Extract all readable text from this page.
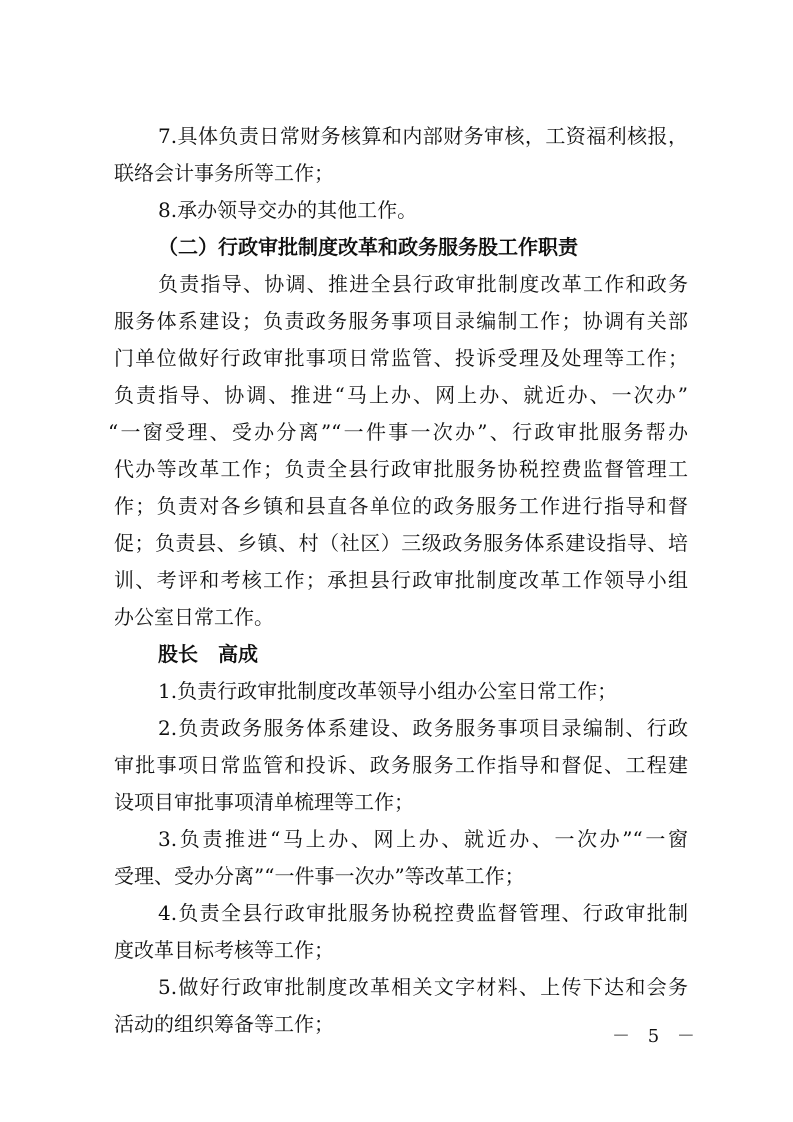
7.具体负责日常财务核算和内部财务审核，工资福利核报，
联络会计事务所等工作；
8.承办领导交办的其他工作。
（二）行政审批制度改革和政务服务股工作职责
负责指导、协调、推进全县行政审批制度改革工作和政务
服务体系建设；负责政务服务事项目录编制工作；协调有关部
门单位做好行政审批事项日常监管、投诉受理及处理等工作；
负责指导、协调、推进“马上办、网上办、就近办、一次办”
“一窗受理、受办分离”“一件事一次办”、行政审批服务帮办
代办等改革工作；负责全县行政审批服务协税控费监督管理工
作；负责对各乡镇和县直各单位的政务服务工作进行指导和督
促；负责县、乡镇、村（社区）三级政务服务体系建设指导、培
训、考评和考核工作；承担县行政审批制度改革工作领导小组
办公室日常工作。
股长　高成
1.负责行政审批制度改革领导小组办公室日常工作；
2.负责政务服务体系建设、政务服务事项目录编制、行政
审批事项日常监管和投诉、政务服务工作指导和督促、工程建
设项目审批事项清单梳理等工作；
3.负责推进“马上办、网上办、就近办、一次办”“一窗
受理、受办分离”“一件事一次办”等改革工作；
4.负责全县行政审批服务协税控费监督管理、行政审批制
度改革目标考核等工作；
5.做好行政审批制度改革相关文字材料、上传下达和会务
活动的组织筹备等工作；
－ 5 －
